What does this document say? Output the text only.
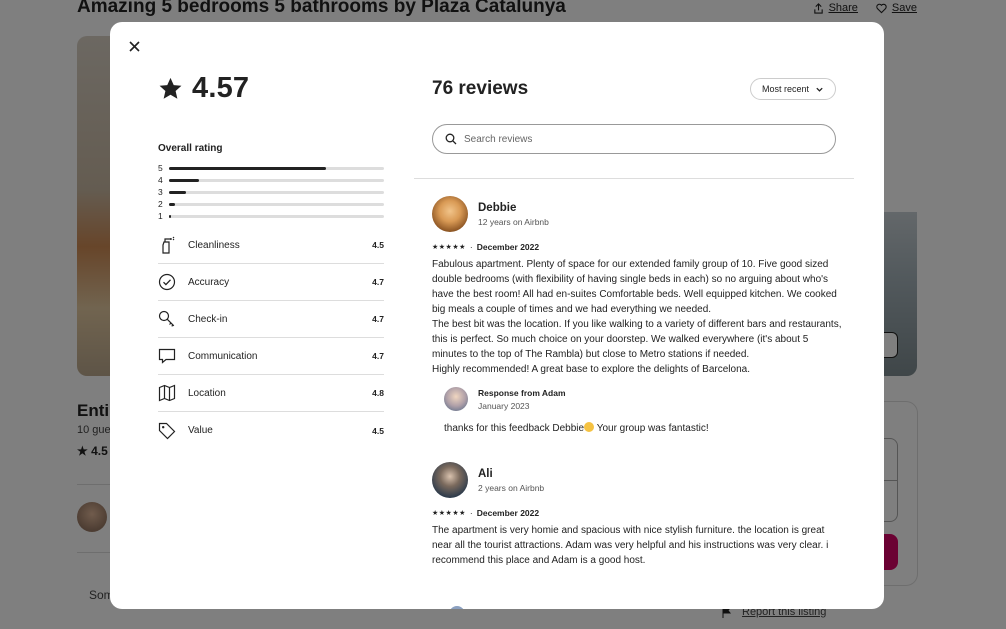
4.57
Overall rating
5
4
3
2
1
Cleanliness	4.5
Accuracy	4.7
Check-in	4.7
Communication	4.7
Location	4.8
Value	4.5
76 reviews	Most recent
Search reviews
Debbie
12 years on Airbnb
★★★★★ · December 2022
Fabulous apartment. Plenty of space for our extended family group of 10. Five good sized double bedrooms (with flexibility of having single beds in each) so no arguing about who's have the best room! All had en-suites Comfortable beds. Well equipped kitchen. We cooked big meals a couple of times and we had everything we needed.
The best bit was the location. If you like walking to a variety of different bars and restaurants, this is perfect. So much choice on your doorstep. We walked everywhere (it's about 5 minutes to the top of The Rambla) but close to Metro stations if needed.
Highly recommended! A great base to explore the delights of Barcelona.
Response from Adam
January 2023
thanks for this feedback Debbie Your group was fantastic!
Ali
2 years on Airbnb
★★★★★ · December 2022
The apartment is very homie and spacious with nice stylish furniture. the location is great near all the tourist attractions. Adam was very helpful and his instructions was very clear. i recommend this place and Adam is a good host.
